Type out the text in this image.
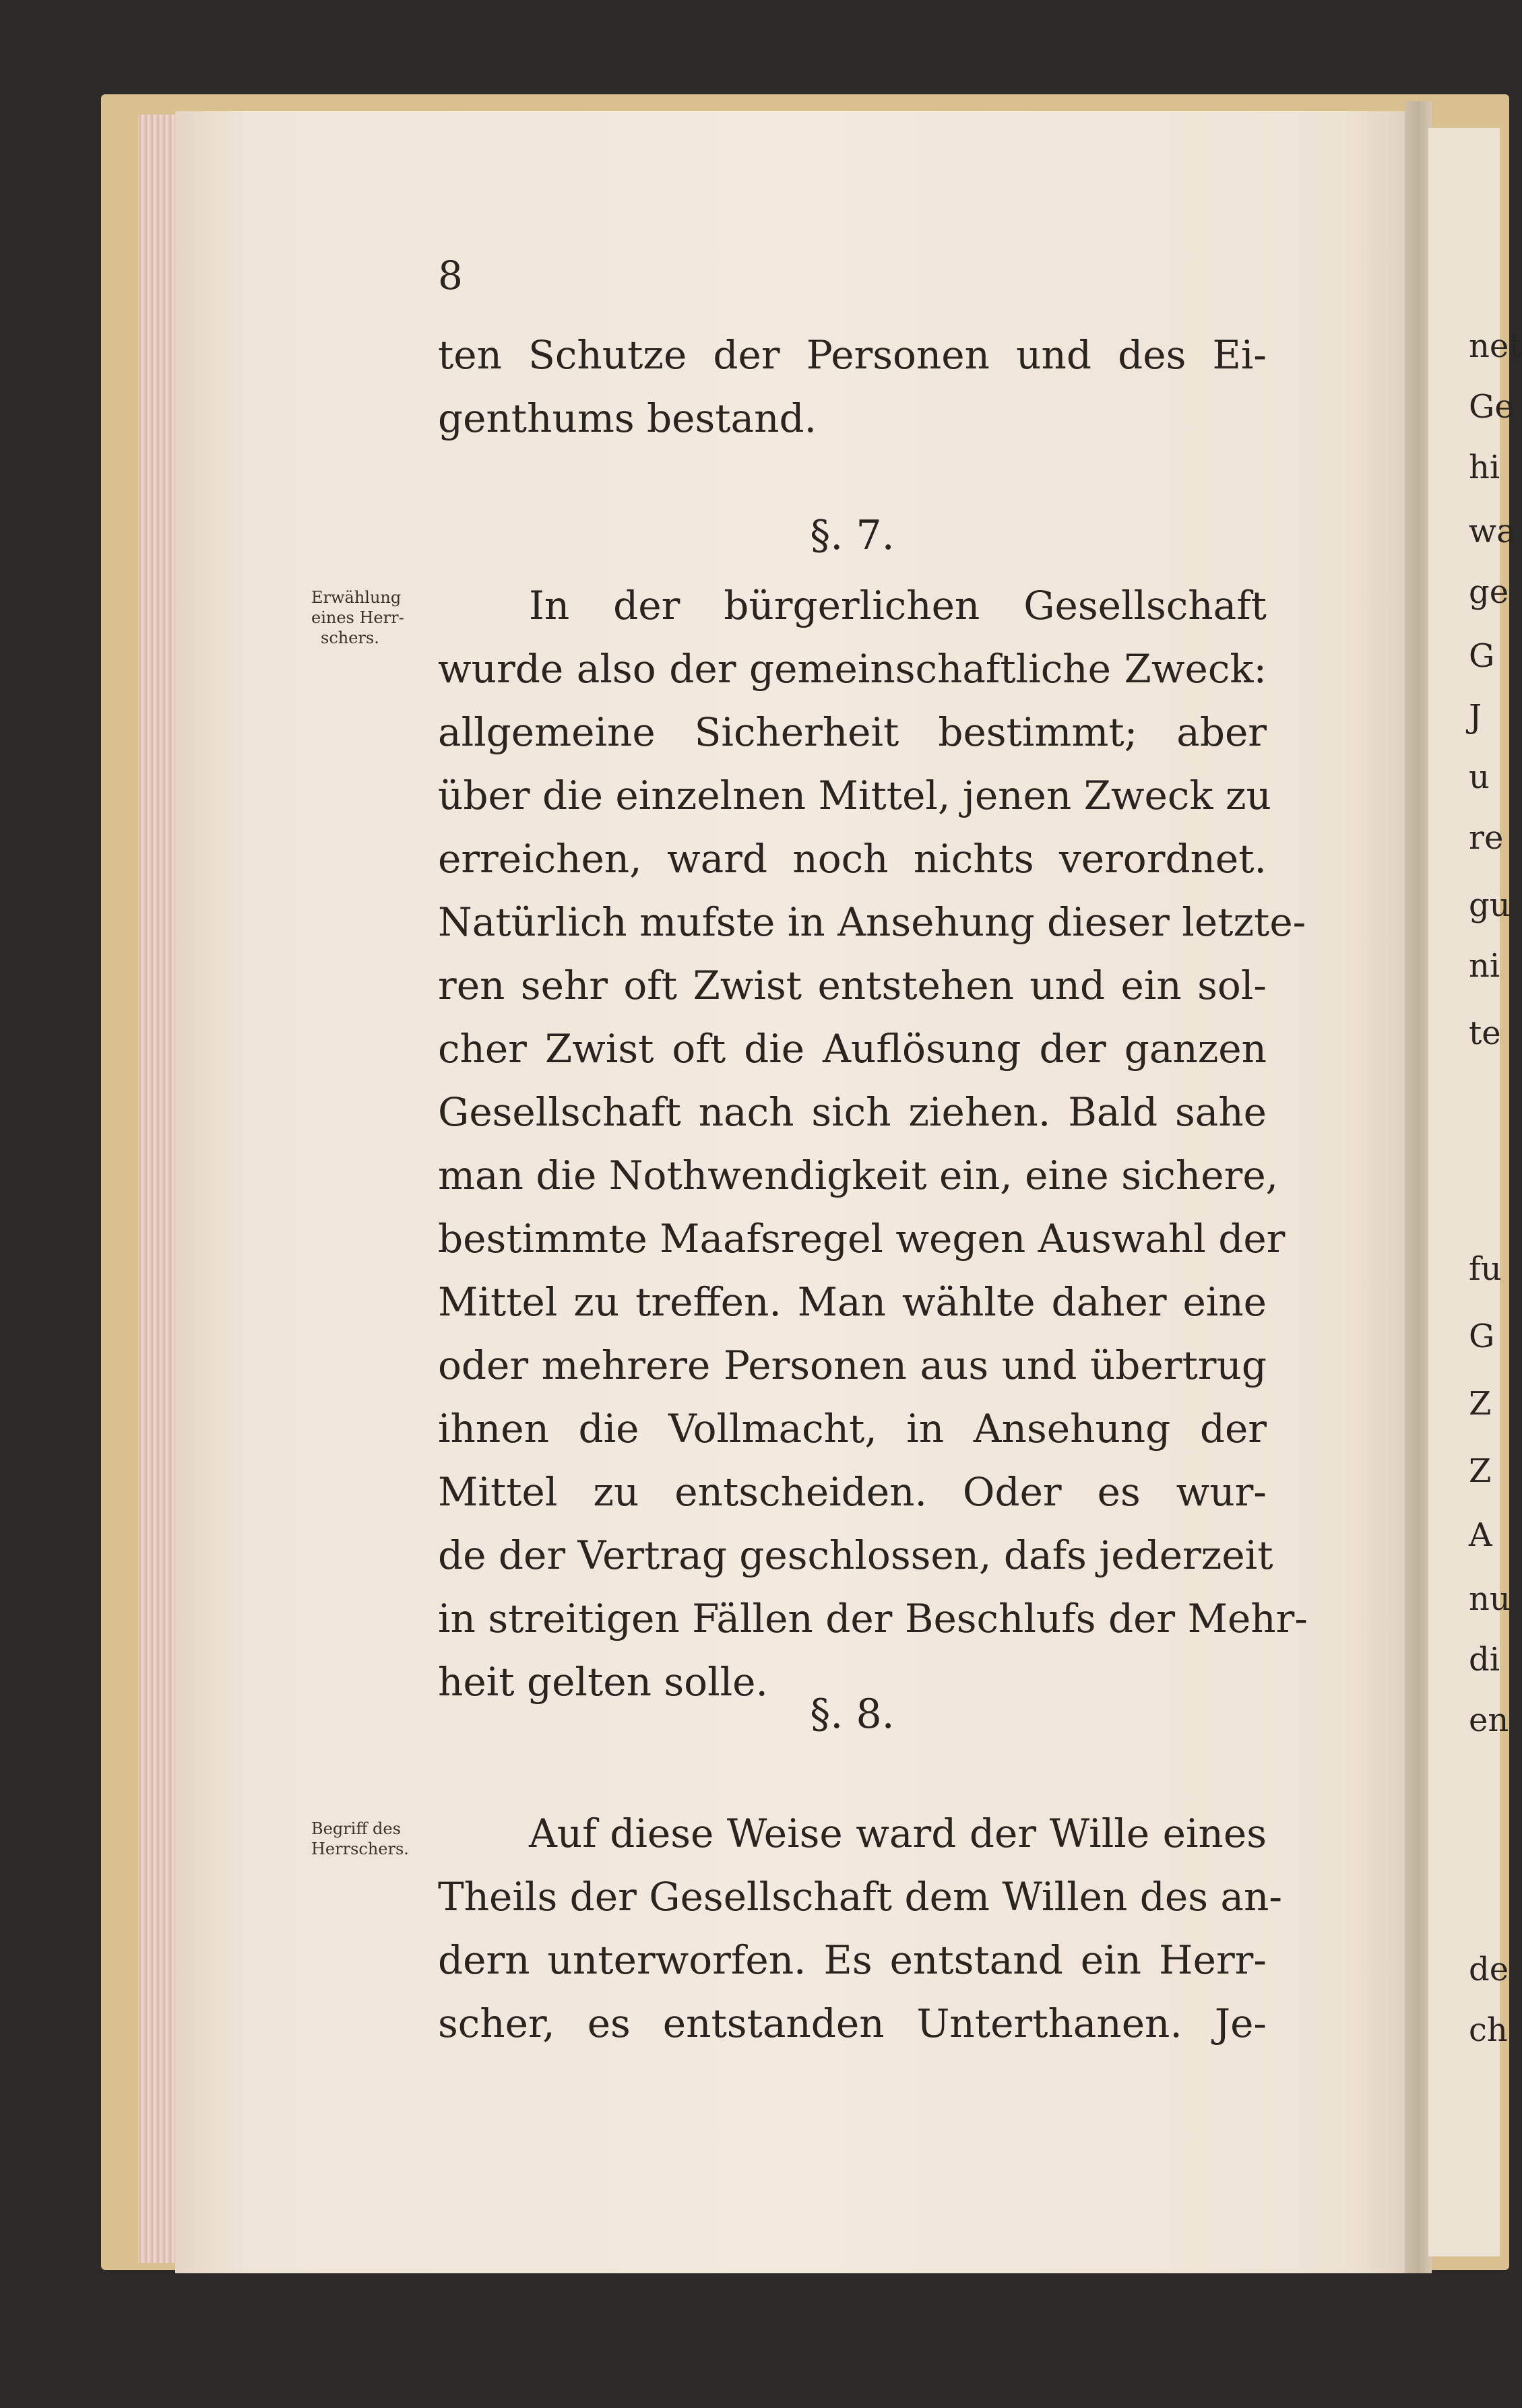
net
Ge
hi
wa
ge
G
J
u
re
gu
ni
te
fu
G
Z
Z
A
nu
di
en
de
ch
8
ten Schutze der Personen und des Ei-
genthums bestand.
§. 7.
Erwählung
eines Herr-
schers.
In der bürgerlichen Gesellschaft
wurde also der gemeinschaftliche Zweck:
allgemeine Sicherheit bestimmt; aber
über die einzelnen Mittel, jenen Zweck zu
erreichen, ward noch nichts verordnet.
Natürlich mufste in Ansehung dieser letzte-
ren sehr oft Zwist entstehen und ein sol-
cher Zwist oft die Auflösung der ganzen
Gesellschaft nach sich ziehen. Bald sahe
man die Nothwendigkeit ein, eine sichere,
bestimmte Maafsregel wegen Auswahl der
Mittel zu treffen. Man wählte daher eine
oder mehrere Personen aus und übertrug
ihnen die Vollmacht, in Ansehung der
Mittel zu entscheiden. Oder es wur-
de der Vertrag geschlossen, dafs jederzeit
in streitigen Fällen der Beschlufs der Mehr-
heit gelten solle.
§. 8.
Begriff des
Herrschers.	Auf diese Weise ward der Wille eines
Theils der Gesellschaft dem Willen des an-
dern unterworfen. Es entstand ein Herr-
scher, es entstanden Unterthanen. Je-
